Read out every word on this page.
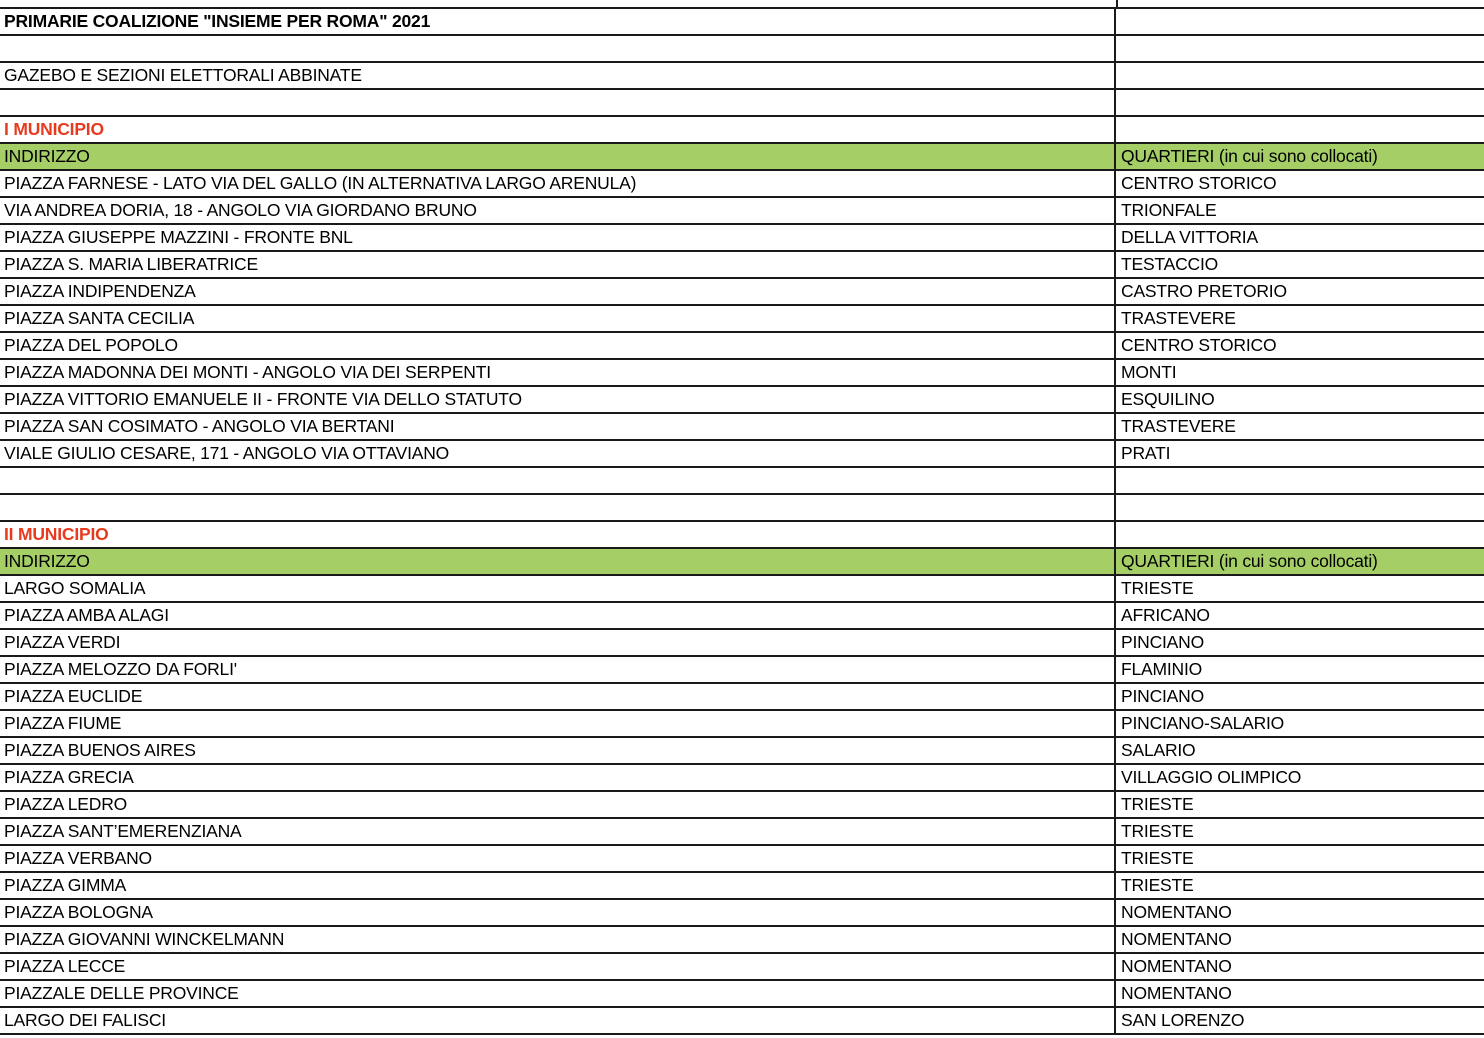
PRIMARIE COALIZIONE "INSIEME PER ROMA" 2021
GAZEBO E SEZIONI ELETTORALI ABBINATE
I MUNICIPIO
INDIRIZZO	QUARTIERI (in cui sono collocati)
PIAZZA FARNESE - LATO VIA DEL GALLO (IN ALTERNATIVA LARGO ARENULA)	CENTRO STORICO
VIA ANDREA DORIA, 18 - ANGOLO VIA GIORDANO BRUNO	TRIONFALE
PIAZZA GIUSEPPE MAZZINI - FRONTE BNL	DELLA VITTORIA
PIAZZA S. MARIA LIBERATRICE	TESTACCIO
PIAZZA INDIPENDENZA	CASTRO PRETORIO
PIAZZA SANTA CECILIA	TRASTEVERE
PIAZZA DEL POPOLO	CENTRO STORICO
PIAZZA MADONNA DEI MONTI - ANGOLO VIA DEI SERPENTI	MONTI
PIAZZA VITTORIO EMANUELE II - FRONTE VIA DELLO STATUTO	ESQUILINO
PIAZZA SAN COSIMATO - ANGOLO VIA BERTANI	TRASTEVERE
VIALE GIULIO CESARE, 171 - ANGOLO VIA OTTAVIANO	PRATI
II MUNICIPIO
INDIRIZZO	QUARTIERI (in cui sono collocati)
LARGO SOMALIA	TRIESTE
PIAZZA AMBA ALAGI	AFRICANO
PIAZZA VERDI	PINCIANO
PIAZZA MELOZZO DA FORLI'	FLAMINIO
PIAZZA EUCLIDE	PINCIANO
PIAZZA FIUME	PINCIANO-SALARIO
PIAZZA BUENOS AIRES	SALARIO
PIAZZA GRECIA	VILLAGGIO OLIMPICO
PIAZZA LEDRO	TRIESTE
PIAZZA SANT’EMERENZIANA	TRIESTE
PIAZZA VERBANO	TRIESTE
PIAZZA GIMMA	TRIESTE
PIAZZA BOLOGNA	NOMENTANO
PIAZZA GIOVANNI WINCKELMANN	NOMENTANO
PIAZZA LECCE	NOMENTANO
PIAZZALE DELLE PROVINCE	NOMENTANO
LARGO DEI FALISCI	SAN LORENZO
